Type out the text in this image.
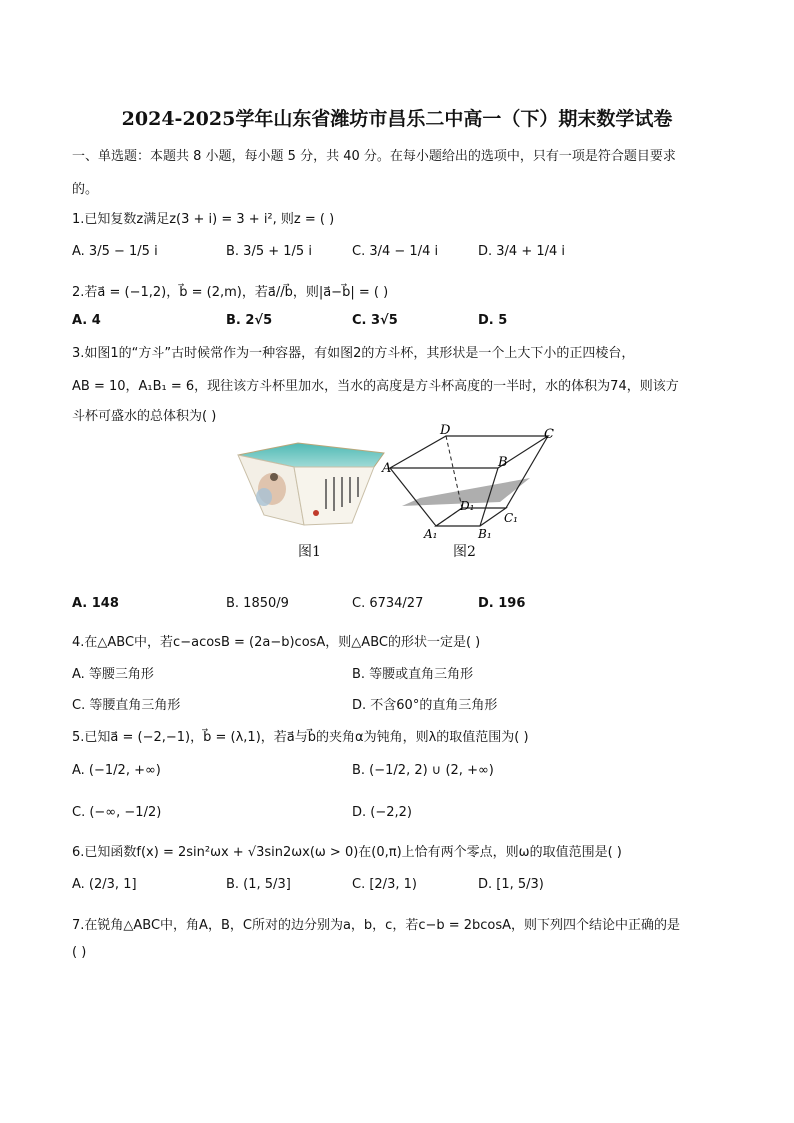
2024-2025学年山东省潍坊市昌乐二中高一（下）期末数学试卷
一、单选题：本题共 8 小题，每小题 5 分，共 40 分。在每小题给出的选项中，只有一项是符合题目要求
的。
1.已知复数z满足z(3 + i) = 3 + i², 则z = ( )
A. 3/5 − 1/5 i	B. 3/5 + 1/5 i	C. 3/4 − 1/4 i	D. 3/4 + 1/4 i
2.若a⃗ = (−1,2)，b⃗ = (2,m)，若a⃗//b⃗，则|a⃗−b⃗| = ( )
A. 4	B. 2√5	C. 3√5	D. 5
3.如图1的“方斗”古时候常作为一种容器，有如图2的方斗杯，其形状是一个上大下小的正四棱台，
AB = 10，A₁B₁ = 6，现往该方斗杯里加水，当水的高度是方斗杯高度的一半时，水的体积为74，则该方
斗杯可盛水的总体积为( )
图1
D	C
A	B
D₁
C₁
A₁	B₁
图2
A. 148	B. 1850/9	C. 6734/27	D. 196
4.在△ABC中，若c−acosB = (2a−b)cosA，则△ABC的形状一定是( )
A. 等腰三角形	B. 等腰或直角三角形
C. 等腰直角三角形	D. 不含60°的直角三角形
5.已知a⃗ = (−2,−1)，b⃗ = (λ,1)，若a⃗与b⃗的夹角α为钝角，则λ的取值范围为( )
A. (−1/2, +∞)	B. (−1/2, 2) ∪ (2, +∞)
C. (−∞, −1/2)	D. (−2,2)
6.已知函数f(x) = 2sin²ωx + √3sin2ωx(ω > 0)在(0,π)上恰有两个零点，则ω的取值范围是( )
A. (2/3, 1]	B. (1, 5/3]	C. [2/3, 1)	D. [1, 5/3)
7.在锐角△ABC中，角A，B，C所对的边分别为a，b，c，若c−b = 2bcosA，则下列四个结论中正确的是
( )
